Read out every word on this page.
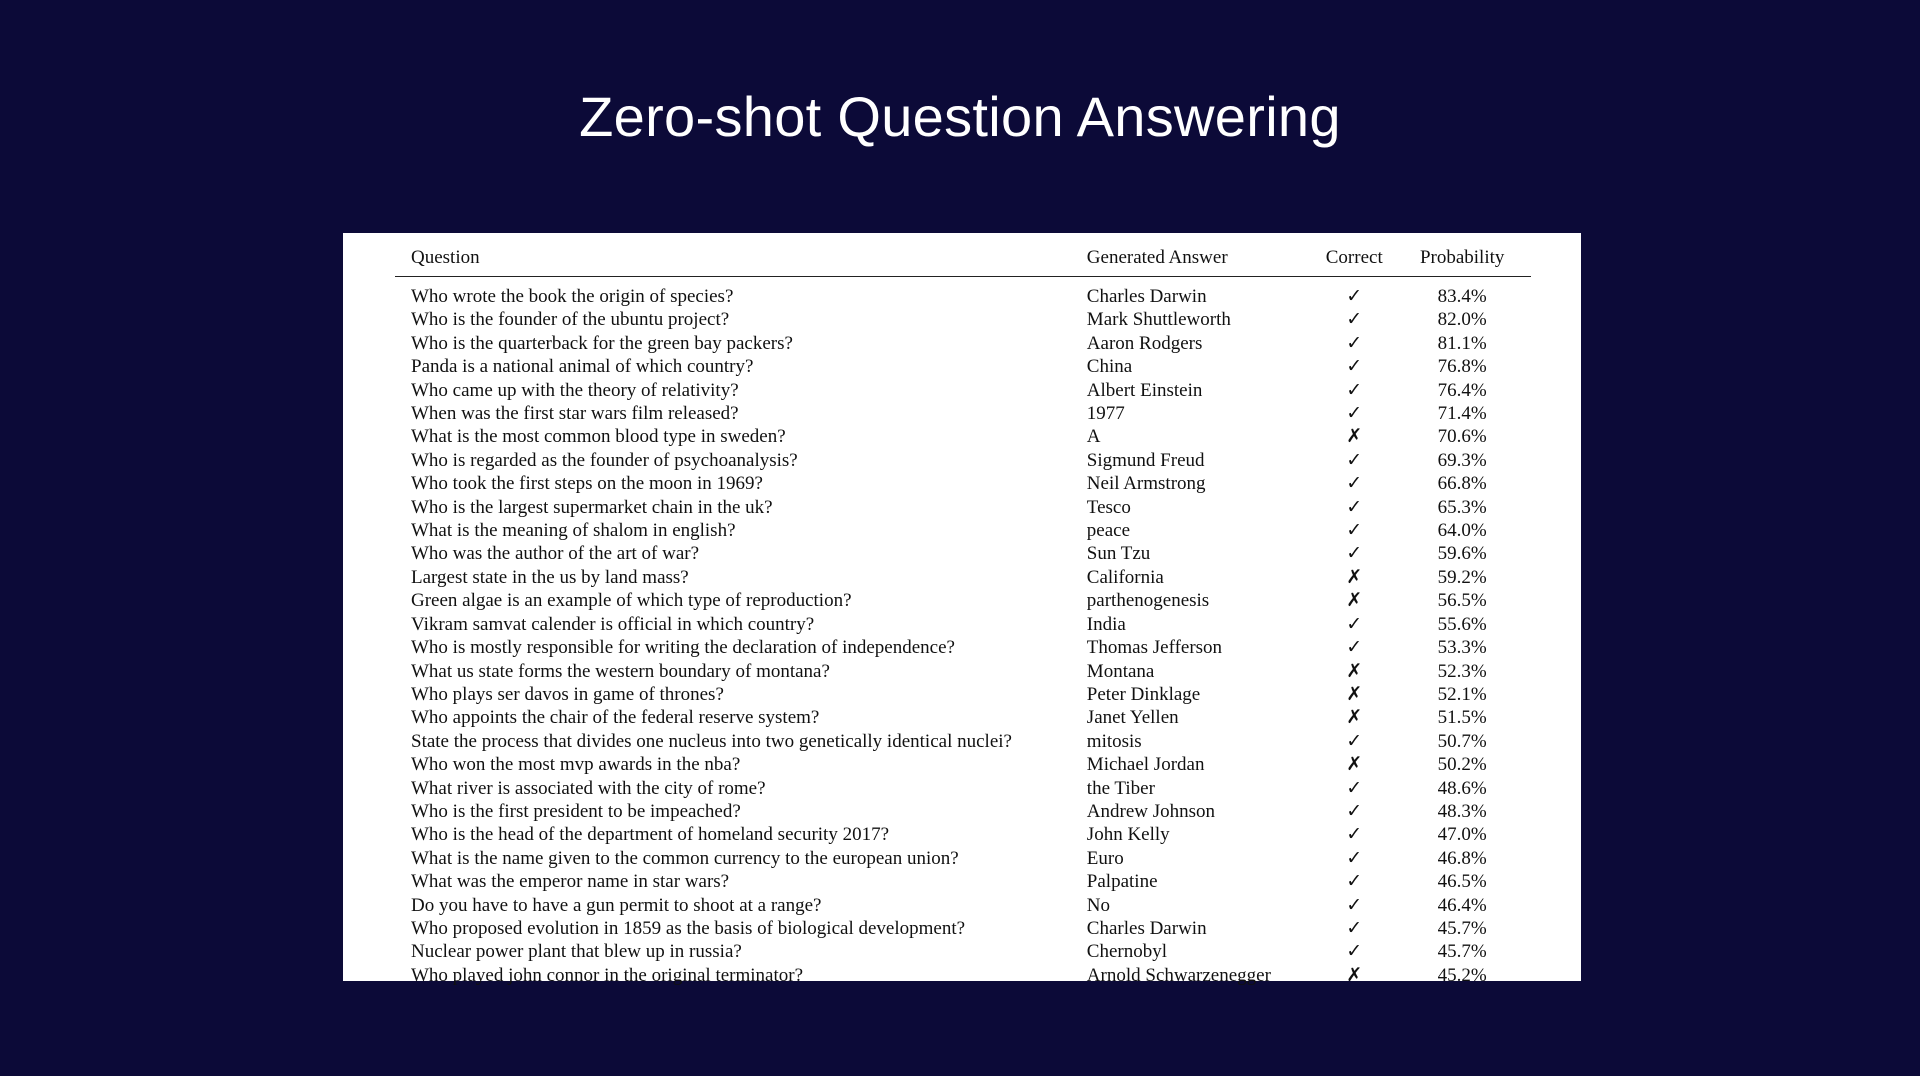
Zero-shot Question Answering
Question	Generated Answer	Correct	Probability
Who wrote the book the origin of species?	Charles Darwin	✓	83.4%
Who is the founder of the ubuntu project?	Mark Shuttleworth	✓	82.0%
Who is the quarterback for the green bay packers?	Aaron Rodgers	✓	81.1%
Panda is a national animal of which country?	China	✓	76.8%
Who came up with the theory of relativity?	Albert Einstein	✓	76.4%
When was the first star wars film released?	1977	✓	71.4%
What is the most common blood type in sweden?	A	✗	70.6%
Who is regarded as the founder of psychoanalysis?	Sigmund Freud	✓	69.3%
Who took the first steps on the moon in 1969?	Neil Armstrong	✓	66.8%
Who is the largest supermarket chain in the uk?	Tesco	✓	65.3%
What is the meaning of shalom in english?	peace	✓	64.0%
Who was the author of the art of war?	Sun Tzu	✓	59.6%
Largest state in the us by land mass?	California	✗	59.2%
Green algae is an example of which type of reproduction?	parthenogenesis	✗	56.5%
Vikram samvat calender is official in which country?	India	✓	55.6%
Who is mostly responsible for writing the declaration of independence?	Thomas Jefferson	✓	53.3%
What us state forms the western boundary of montana?	Montana	✗	52.3%
Who plays ser davos in game of thrones?	Peter Dinklage	✗	52.1%
Who appoints the chair of the federal reserve system?	Janet Yellen	✗	51.5%
State the process that divides one nucleus into two genetically identical nuclei?	mitosis	✓	50.7%
Who won the most mvp awards in the nba?	Michael Jordan	✗	50.2%
What river is associated with the city of rome?	the Tiber	✓	48.6%
Who is the first president to be impeached?	Andrew Johnson	✓	48.3%
Who is the head of the department of homeland security 2017?	John Kelly	✓	47.0%
What is the name given to the common currency to the european union?	Euro	✓	46.8%
What was the emperor name in star wars?	Palpatine	✓	46.5%
Do you have to have a gun permit to shoot at a range?	No	✓	46.4%
Who proposed evolution in 1859 as the basis of biological development?	Charles Darwin	✓	45.7%
Nuclear power plant that blew up in russia?	Chernobyl	✓	45.7%
Who played john connor in the original terminator?	Arnold Schwarzenegger	✗	45.2%
